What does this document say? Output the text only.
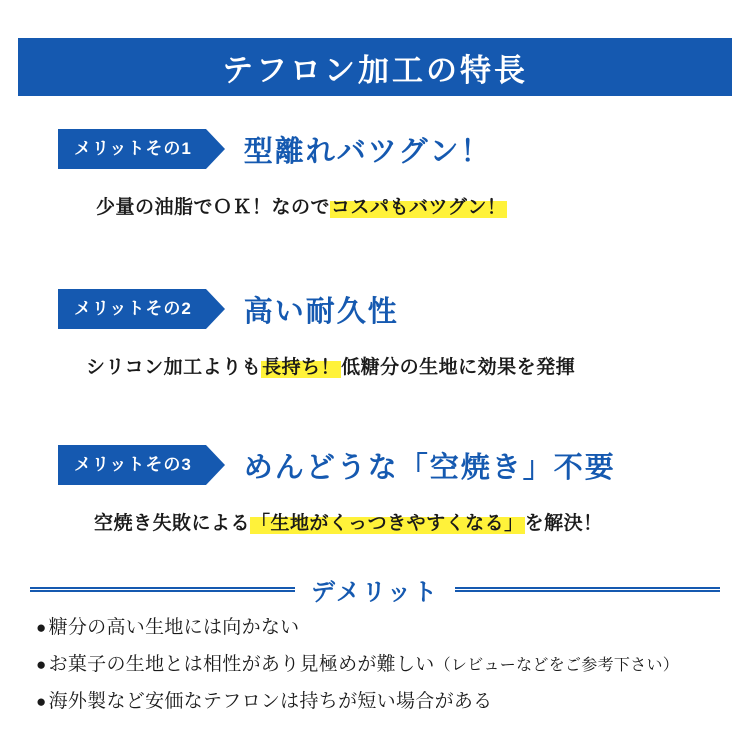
テフロン加工の特長
メリットその1	型離れバツグン！
少量の油脂でＯＫ！なのでコスパもバツグン！
メリットその2	高い耐久性
シリコン加工よりも長持ち！低糖分の生地に効果を発揮
メリットその3	めんどうな「空焼き」不要
空焼き失敗による「生地がくっつきやすくなる」を解決！
デメリット
● 糖分の高い生地には向かない
● お菓子の生地とは相性があり見極めが難しい（レビューなどをご参考下さい）
● 海外製など安価なテフロンは持ちが短い場合がある
